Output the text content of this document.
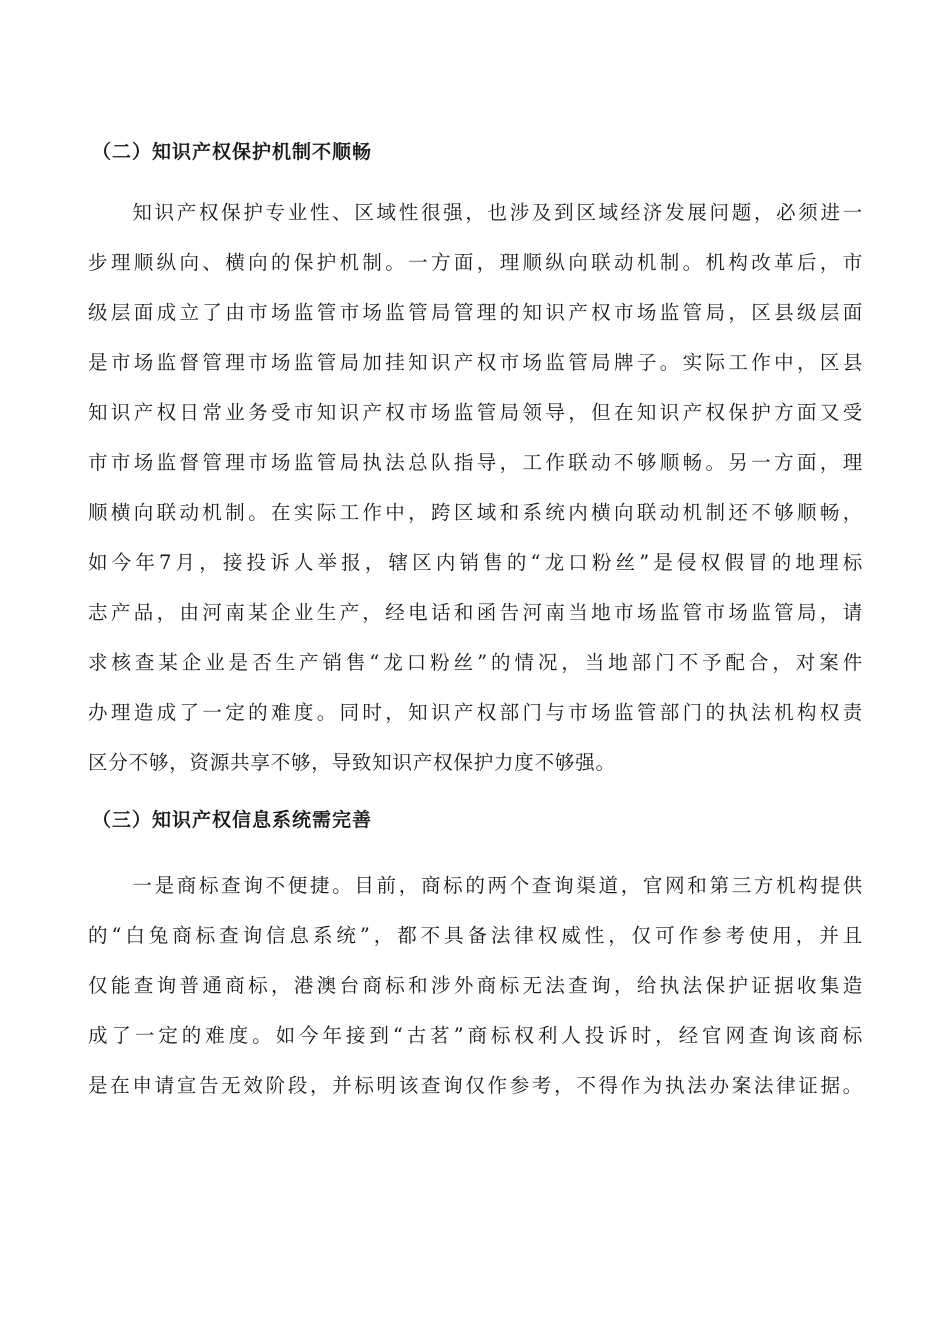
（二）知识产权保护机制不顺畅
　　知识产权保护专业性、区域性很强，也涉及到区域经济发展问题，必须进一
步理顺纵向、横向的保护机制。一方面，理顺纵向联动机制。机构改革后，市
级层面成立了由市场监管市场监管局管理的知识产权市场监管局，区县级层面
是市场监督管理市场监管局加挂知识产权市场监管局牌子。实际工作中，区县
知识产权日常业务受市知识产权市场监管局领导，但在知识产权保护方面又受
市市场监督管理市场监管局执法总队指导，工作联动不够顺畅。另一方面，理
顺横向联动机制。在实际工作中，跨区域和系统内横向联动机制还不够顺畅，
如今年7月，接投诉人举报，辖区内销售的“龙口粉丝”是侵权假冒的地理标
志产品，由河南某企业生产，经电话和函告河南当地市场监管市场监管局，请
求核查某企业是否生产销售“龙口粉丝”的情况，当地部门不予配合，对案件
办理造成了一定的难度。同时，知识产权部门与市场监管部门的执法机构权责
区分不够，资源共享不够，导致知识产权保护力度不够强。
（三）知识产权信息系统需完善
　　一是商标查询不便捷。目前，商标的两个查询渠道，官网和第三方机构提供
的“白兔商标查询信息系统”，都不具备法律权威性，仅可作参考使用，并且
仅能查询普通商标，港澳台商标和涉外商标无法查询，给执法保护证据收集造
成了一定的难度。如今年接到“古茗”商标权利人投诉时，经官网查询该商标
是在申请宣告无效阶段，并标明该查询仅作参考，不得作为执法办案法律证据。
